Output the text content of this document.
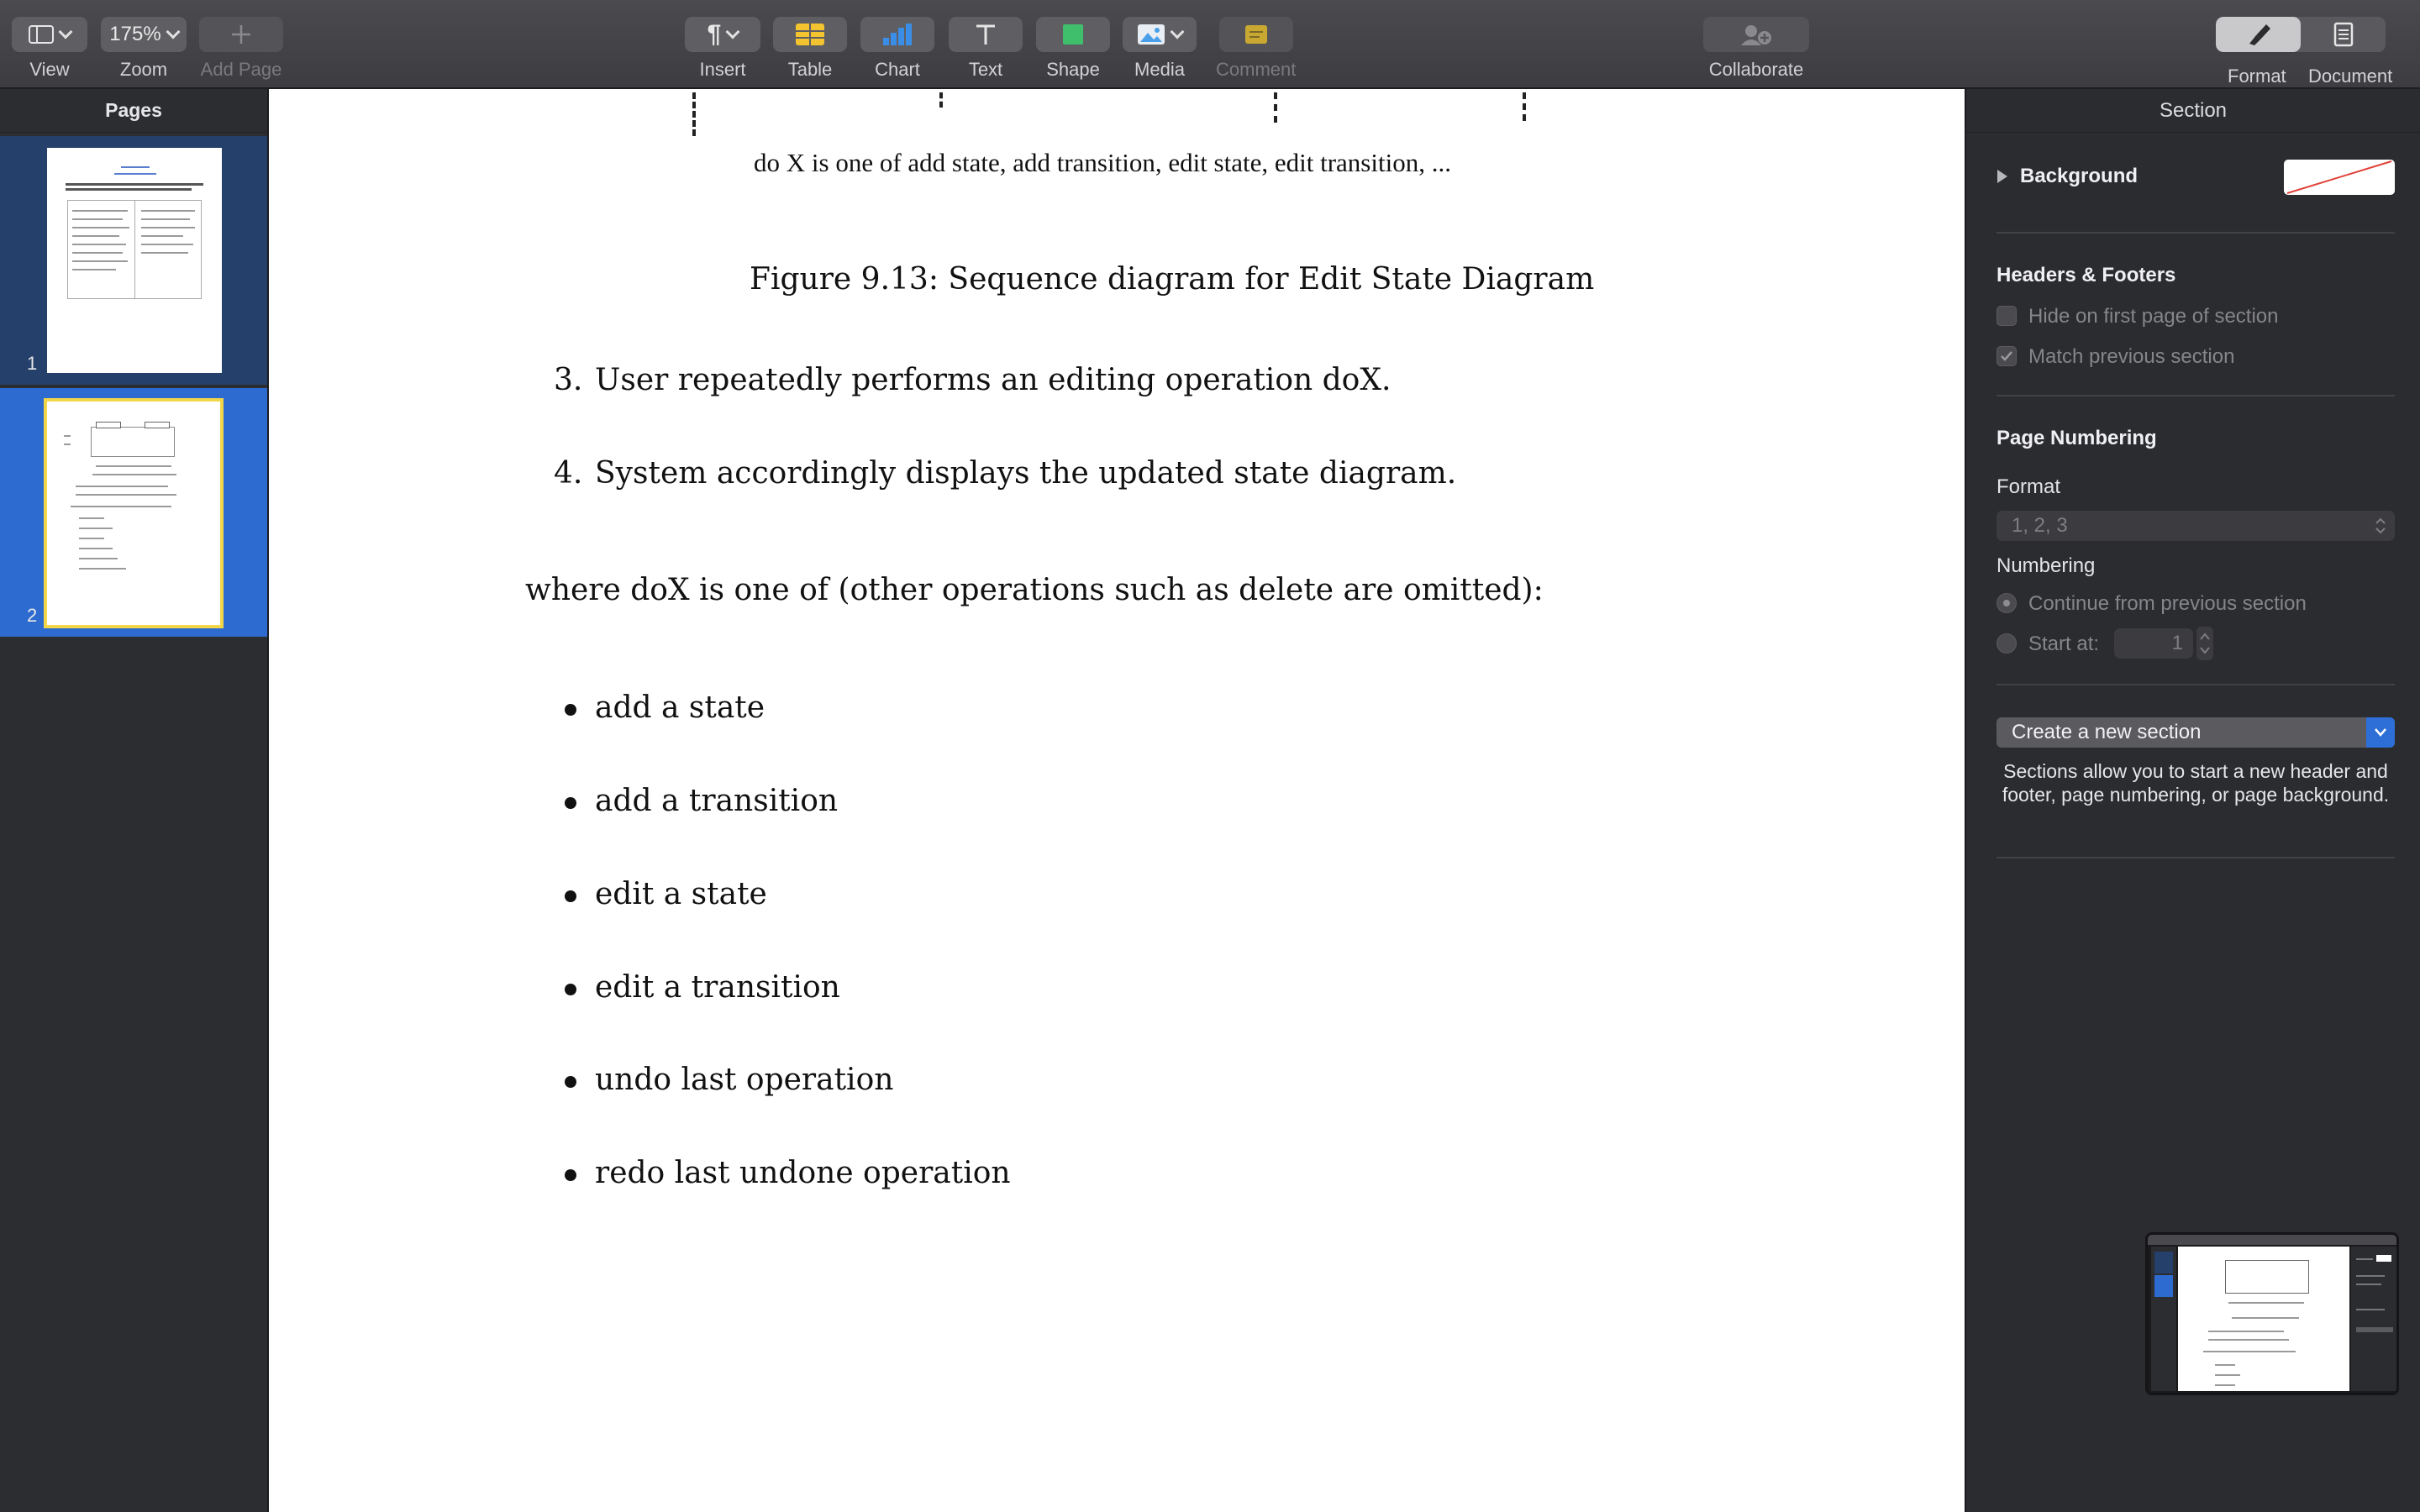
View
175%
Zoom Add Page
¶
Insert Table Chart	Text Shape Media Comment	Collaborate	Format Document
Pages
1
2
do X is one of add state, add transition, edit state, edit transition, ...
Figure 9.13: Sequence diagram for Edit State Diagram
3. User repeatedly performs an editing operation doX.
4. System accordingly displays the updated state diagram.
where doX is one of (other operations such as delete are omitted):
add a state
add a transition
edit a state
edit a transition
undo last operation
redo last undone operation
Section
Background
Headers & Footers
Hide on first page of section
Match previous section
Page Numbering
Format
1, 2, 3
Numbering
Continue from previous section
Start at:	1
Create a new section
Sections allow you to start a new header and footer, page numbering, or page background.
